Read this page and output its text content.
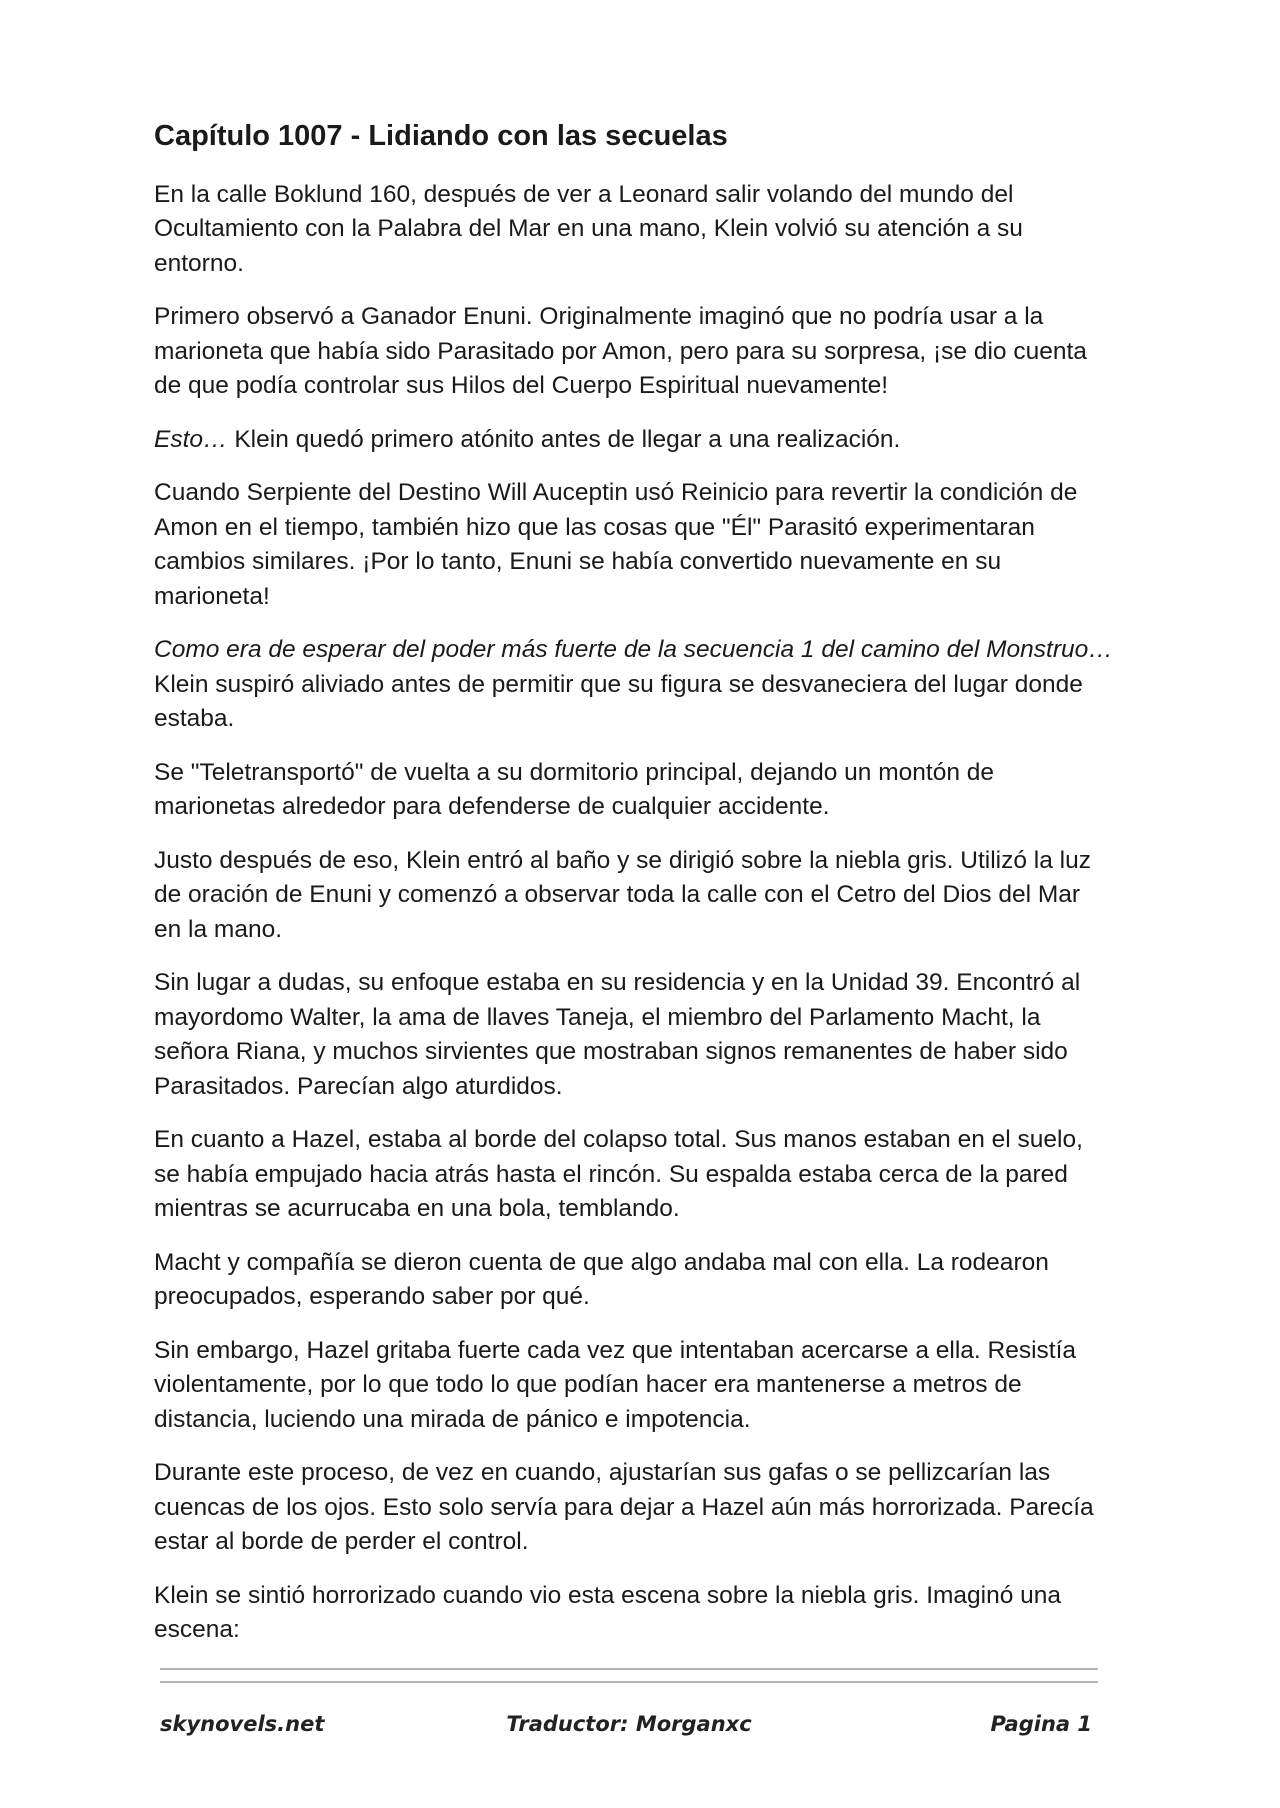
Capítulo 1007 - Lidiando con las secuelas

En la calle Boklund 160, después de ver a Leonard salir volando del mundo del Ocultamiento con la Palabra del Mar en una mano, Klein volvió su atención a su entorno.

Primero observó a Ganador Enuni. Originalmente imaginó que no podría usar a la marioneta que había sido Parasitado por Amon, pero para su sorpresa, ¡se dio cuenta de que podía controlar sus Hilos del Cuerpo Espiritual nuevamente!

Esto… Klein quedó primero atónito antes de llegar a una realización.

Cuando Serpiente del Destino Will Auceptin usó Reinicio para revertir la condición de Amon en el tiempo, también hizo que las cosas que "Él" Parasitó experimentaran cambios similares. ¡Por lo tanto, Enuni se había convertido nuevamente en su marioneta!

Como era de esperar del poder más fuerte de la secuencia 1 del camino del Monstruo… Klein suspiró aliviado antes de permitir que su figura se desvaneciera del lugar donde estaba.

Se "Teletransportó" de vuelta a su dormitorio principal, dejando un montón de marionetas alrededor para defenderse de cualquier accidente.

Justo después de eso, Klein entró al baño y se dirigió sobre la niebla gris. Utilizó la luz de oración de Enuni y comenzó a observar toda la calle con el Cetro del Dios del Mar en la mano.

Sin lugar a dudas, su enfoque estaba en su residencia y en la Unidad 39. Encontró al mayordomo Walter, la ama de llaves Taneja, el miembro del Parlamento Macht, la señora Riana, y muchos sirvientes que mostraban signos remanentes de haber sido Parasitados. Parecían algo aturdidos.

En cuanto a Hazel, estaba al borde del colapso total. Sus manos estaban en el suelo, se había empujado hacia atrás hasta el rincón. Su espalda estaba cerca de la pared mientras se acurrucaba en una bola, temblando.

Macht y compañía se dieron cuenta de que algo andaba mal con ella. La rodearon preocupados, esperando saber por qué.

Sin embargo, Hazel gritaba fuerte cada vez que intentaban acercarse a ella. Resistía violentamente, por lo que todo lo que podían hacer era mantenerse a metros de distancia, luciendo una mirada de pánico e impotencia.

Durante este proceso, de vez en cuando, ajustarían sus gafas o se pellizcarían las cuencas de los ojos. Esto solo servía para dejar a Hazel aún más horrorizada. Parecía estar al borde de perder el control.

Klein se sintió horrorizado cuando vio esta escena sobre la niebla gris. Imaginó una escena:

skynovels.net	Traductor: Morganxc	Pagina 1
